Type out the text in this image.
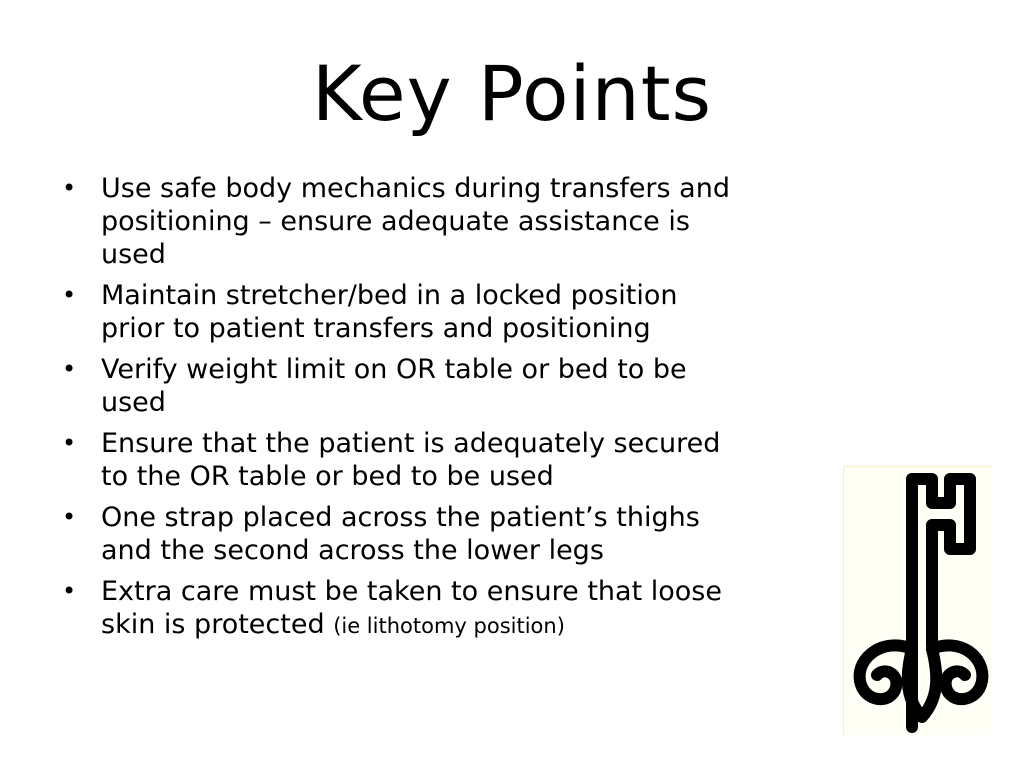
Key Points
• Use safe body mechanics during transfers and
positioning – ensure adequate assistance is
used
• Maintain stretcher/bed in a locked position
prior to patient transfers and positioning
• Verify weight limit on OR table or bed to be
used
• Ensure that the patient is adequately secured
to the OR table or bed to be used
• One strap placed across the patient’s thighs
and the second across the lower legs
• Extra care must be taken to ensure that loose
skin is protected (ie lithotomy position)
